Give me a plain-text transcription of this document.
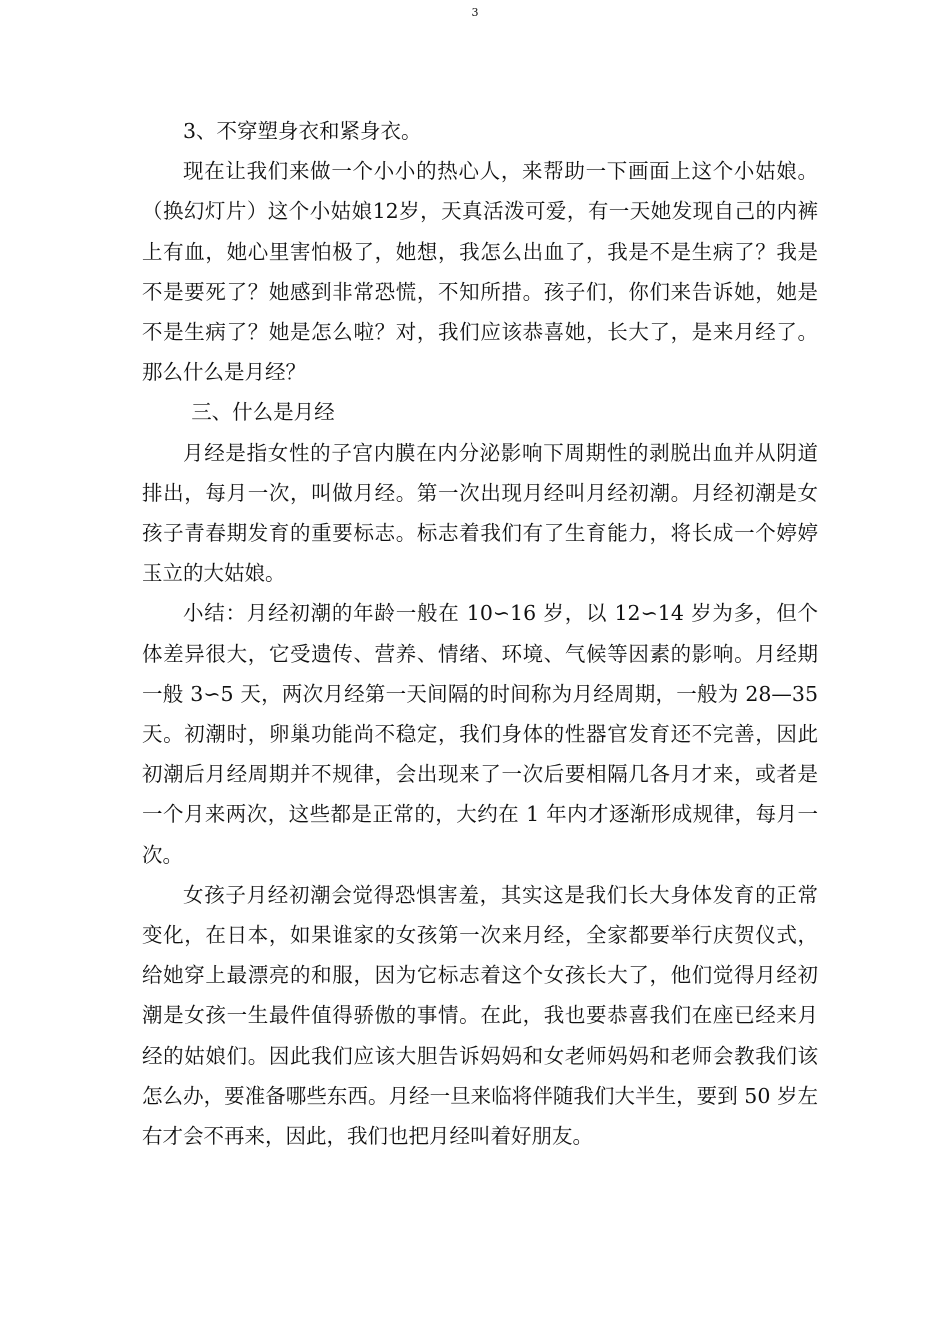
3

3、不穿塑身衣和紧身衣。

现在让我们来做一个小小的热心人，来帮助一下画面上这个小姑娘。（换幻灯片）这个小姑娘12岁，天真活泼可爱，有一天她发现自己的内裤上有血，她心里害怕极了，她想，我怎么出血了，我是不是生病了？我是不是要死了？她感到非常恐慌，不知所措。孩子们，你们来告诉她，她是不是生病了？她是怎么啦？对，我们应该恭喜她，长大了，是来月经了。那么什么是月经？

三、什么是月经

月经是指女性的子宫内膜在内分泌影响下周期性的剥脱出血并从阴道排出，每月一次，叫做月经。第一次出现月经叫月经初潮。月经初潮是女孩子青春期发育的重要标志。标志着我们有了生育能力，将长成一个婷婷玉立的大姑娘。

小结：月经初潮的年龄一般在 10∽16 岁，以 12∽14 岁为多，但个体差异很大，它受遗传、营养、情绪、环境、气候等因素的影响。月经期一般 3∽5 天，两次月经第一天间隔的时间称为月经周期，一般为 28—35 天。初潮时，卵巢功能尚不稳定，我们身体的性器官发育还不完善，因此初潮后月经周期并不规律，会出现来了一次后要相隔几各月才来，或者是一个月来两次，这些都是正常的，大约在 1 年内才逐渐形成规律，每月一次。

女孩子月经初潮会觉得恐惧害羞，其实这是我们长大身体发育的正常变化，在日本，如果谁家的女孩第一次来月经，全家都要举行庆贺仪式，给她穿上最漂亮的和服，因为它标志着这个女孩长大了，他们觉得月经初潮是女孩一生最件值得骄傲的事情。在此，我也要恭喜我们在座已经来月经的姑娘们。因此我们应该大胆告诉妈妈和女老师妈妈和老师会教我们该怎么办，要准备哪些东西。月经一旦来临将伴随我们大半生，要到 50 岁左右才会不再来，因此，我们也把月经叫着好朋友。
